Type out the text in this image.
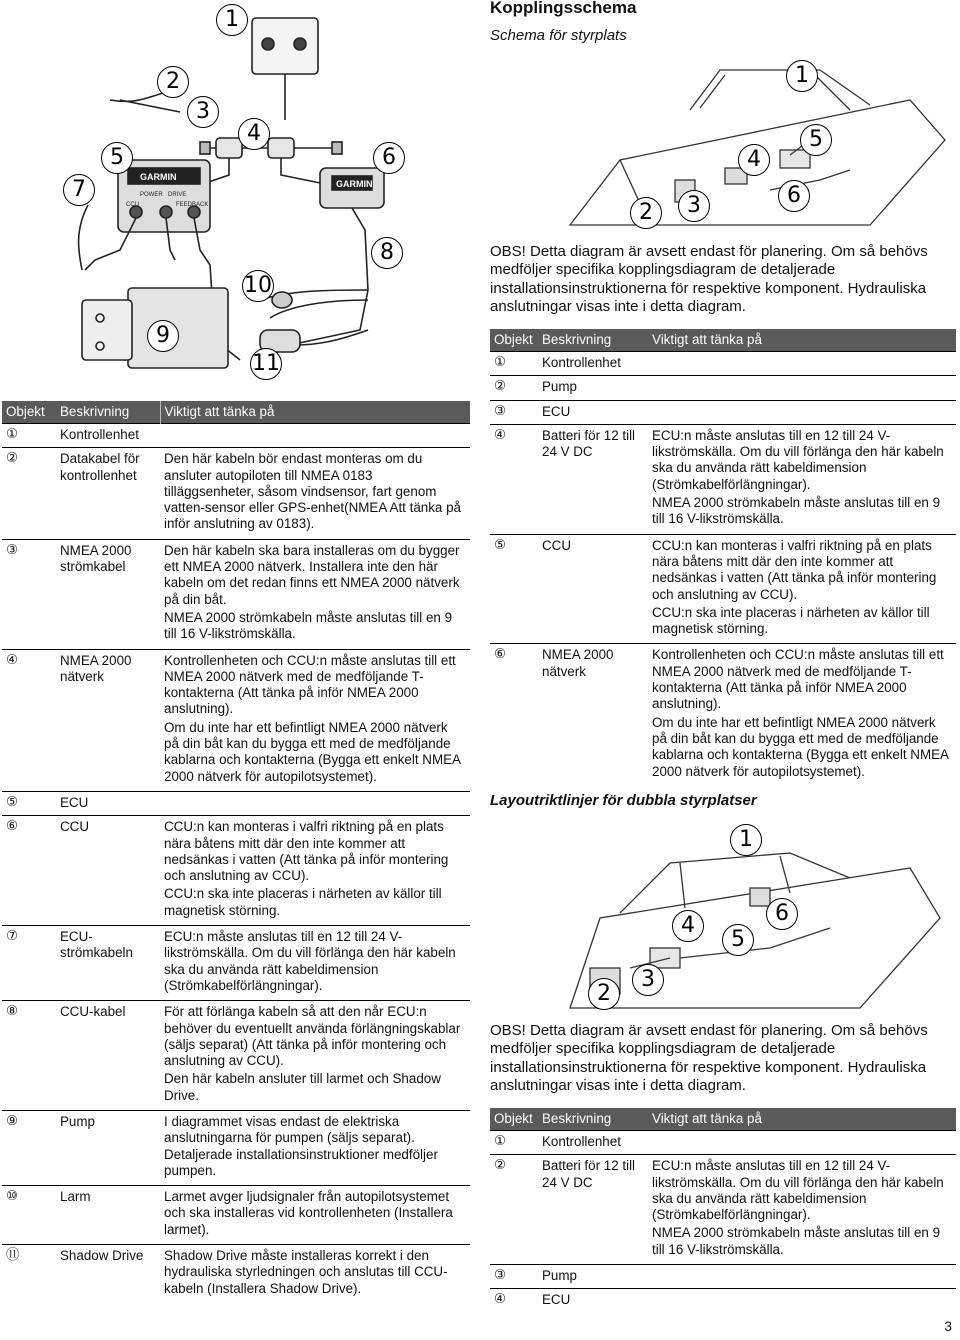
GARMIN
GARMIN
POWER DRIVE
CCU	FEEDBACK
1
2
3
4
5	6
7
8
9
10
11
Objekt	Beskrivning	Viktigt att tänka på
①	Kontrollenhet	
②	Datakabel för kontrollenhet	Den här kabeln bör endast monteras om du ansluter autopiloten till NMEA 0183 tilläggsenheter, såsom vindsensor, fart genom vatten-sensor eller GPS-enhet(NMEA Att tänka på inför anslutning av 0183).

③	NMEA 2000 strömkabel	Den här kabeln ska bara installeras om du bygger ett NMEA 2000 nätverk. Installera inte den här kabeln om det redan finns ett NMEA 2000 nätverk på din båt.

NMEA 2000 strömkabeln måste anslutas till en 9 till 16 V-likströmskälla.

④	NMEA 2000 nätverk	Kontrollenheten och CCU:n måste anslutas till ett NMEA 2000 nätverk med de medföljande T-kontakterna (Att tänka på inför NMEA 2000 anslutning).

Om du inte har ett befintligt NMEA 2000 nätverk på din båt kan du bygga ett med de medföljande kablarna och kontakterna (Bygga ett enkelt NMEA 2000 nätverk för autopilotsystemet).

⑤	ECU	
⑥	CCU	CCU:n kan monteras i valfri riktning på en plats nära båtens mitt där den inte kommer att nedsänkas i vatten (Att tänka på inför montering och anslutning av CCU).

CCU:n ska inte placeras i närheten av källor till magnetisk störning.

⑦	ECU-strömkabeln	ECU:n måste anslutas till en 12 till 24 V-likströmskälla. Om du vill förlänga den här kabeln ska du använda rätt kabeldimension (Strömkabelförlängningar).

⑧	CCU-kabel	För att förlänga kabeln så att den når ECU:n behöver du eventuellt använda förlängningskablar (säljs separat) (Att tänka på inför montering och anslutning av CCU).

Den här kabeln ansluter till larmet och Shadow Drive.

⑨	Pump	I diagrammet visas endast de elektriska anslutningarna för pumpen (säljs separat). Detaljerade installationsinstruktioner medföljer pumpen.

⑩	Larm	Larmet avger ljudsignaler från autopilotsystemet och ska installeras vid kontrollenheten (Installera larmet).

⑪	Shadow Drive	Shadow Drive måste installeras korrekt i den hydrauliska styrledningen och anslutas till CCU-kabeln (Installera Shadow Drive).

Kopplingsschema
Schema för styrplats
1
2	3
4
5
6
OBS! Detta diagram är avsett endast för planering. Om så behövs medföljer specifika kopplingsdiagram de detaljerade installationsinstruktionerna för respektive komponent. Hydrauliska anslutningar visas inte i detta diagram.
Objekt	Beskrivning	Viktigt att tänka på
①	Kontrollenhet	
②	Pump	
③	ECU	
④	Batteri för 12 till 24 V DC	ECU:n måste anslutas till en 12 till 24 V-likströmskälla. Om du vill förlänga den här kabeln ska du använda rätt kabeldimension (Strömkabelförlängningar).

NMEA 2000 strömkabeln måste anslutas till en 9 till 16 V-likströmskälla.

⑤	CCU	CCU:n kan monteras i valfri riktning på en plats nära båtens mitt där den inte kommer att nedsänkas i vatten (Att tänka på inför montering och anslutning av CCU).

CCU:n ska inte placeras i närheten av källor till magnetisk störning.

⑥	NMEA 2000 nätverk	Kontrollenheten och CCU:n måste anslutas till ett NMEA 2000 nätverk med de medföljande T-kontakterna (Att tänka på inför NMEA 2000 anslutning).

Om du inte har ett befintligt NMEA 2000 nätverk på din båt kan du bygga ett med de medföljande kablarna och kontakterna (Bygga ett enkelt NMEA 2000 nätverk för autopilotsystemet).

Layoutriktlinjer för dubbla styrplatser
1
2
3
4
5
6
OBS! Detta diagram är avsett endast för planering. Om så behövs medföljer specifika kopplingsdiagram de detaljerade installationsinstruktionerna för respektive komponent. Hydrauliska anslutningar visas inte i detta diagram.
Objekt	Beskrivning	Viktigt att tänka på
①	Kontrollenhet	
②	Batteri för 12 till 24 V DC	ECU:n måste anslutas till en 12 till 24 V-likströmskälla. Om du vill förlänga den här kabeln ska du använda rätt kabeldimension (Strömkabelförlängningar).

NMEA 2000 strömkabeln måste anslutas till en 9 till 16 V-likströmskälla.

③	Pump	
④	ECU	
3
